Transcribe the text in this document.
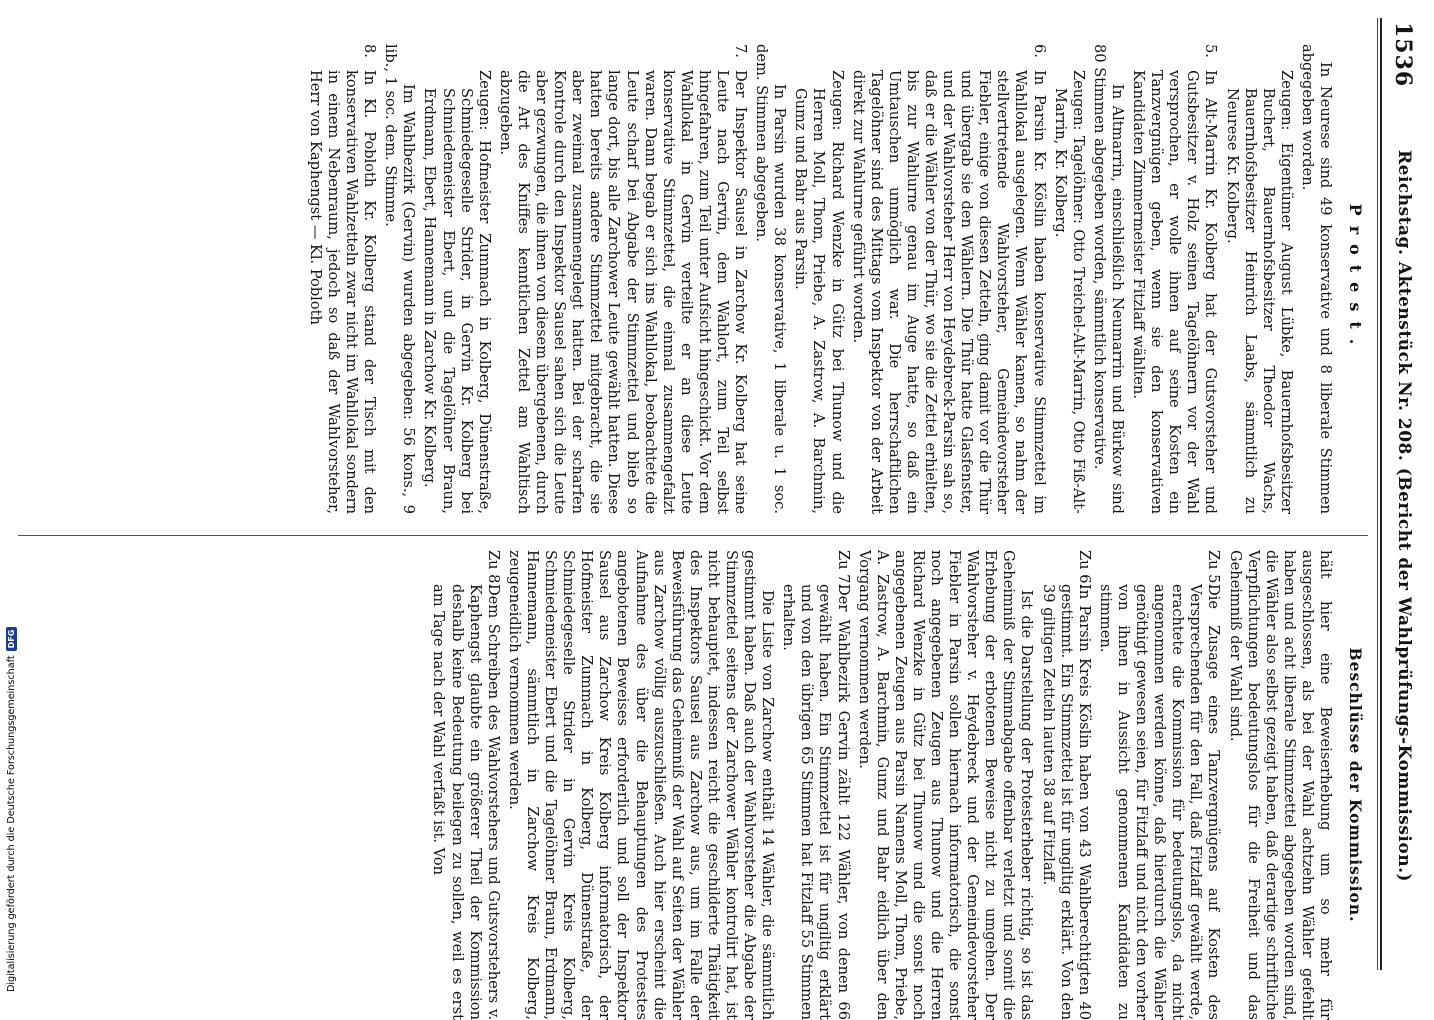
1536
Reichstag. Aktenstück Nr. 208. (Bericht der Wahlprüfungs-Kommission.)
Protest.

In Neurese sind 49 konservative und 8 liberale Stimmen abgegeben worden.

Zeugen: Eigentümer August Lübke, Bauernhofsbesitzer Buchert, Bauernhofsbesitzer Theodor Wachs, Bauernhofsbesitzer Heinrich Laabs, sämmtlich zu Neurese Kr. Kolberg.

5.
In Alt-Marrin Kr. Kolberg hat der Gutsvorsteher und Gutsbesitzer v. Holz seinen Tagelöhnern vor der Wahl versprochen, er wolle ihnen auf seine Kosten ein Tanzvergnügen geben, wenn sie den konservativen Kandidaten Zimmermeister Fitzlaff wählten.

In Altmarrin, einschließlich Neumarrin und Bürkow sind 80 Stimmen abgegeben worden, sämmtlich konservative.

Zeugen: Tagelöhner: Otto Treichel-Alt-Marrin, Otto Fiß-Alt-Marrin, Kr. Kolberg.

6.
In Parsin Kr. Köslin haben konservative Stimmzettel im Wahllokal ausgelegen. Wenn Wähler kamen, so nahm der stellvertretende Wahlvorsteher, Gemeindevorsteher Fiebler, einige von diesen Zetteln, ging damit vor die Thür und übergab sie den Wählern. Die Thür hatte Glasfenster, und der Wahlvorsteher Herr von Heydebreck-Parsin sah so, daß er die Wähler von der Thür, wo sie die Zettel erhielten, bis zur Wahlurne genau im Auge hatte, so daß ein Umtauschen unmöglich war. Die herrschaftlichen Tagelöhner sind des Mittags vom Inspektor von der Arbeit direkt zur Wahlurne geführt worden.

Zeugen: Richard Wenzke in Gütz bei Thunow und die Herren Moll, Thom, Priebe, A. Zastrow, A. Barchmin, Gumz und Bahr aus Parsin.

In Parsin wurden 38 konservative, 1 liberale u. 1 soc. dem. Stimmen abgegeben.

7.
Der Inspektor Sausel in Zarchow Kr. Kolberg hat seine Leute nach Gervin, dem Wahlort, zum Teil selbst hingefahren, zum Teil unter Aufsicht hingeschickt. Vor dem Wahllokal in Gervin verteilte er an diese Leute konservative Stimmzettel, die einmal zusammengefalzt waren. Dann begab er sich ins Wahllokal, beobachtete die Leute scharf bei Abgabe der Stimmzettel und blieb so lange dort, bis alle Zarchower Leute gewählt hatten. Diese hatten bereits andere Stimmzettel mitgebracht, die sie aber zweimal zusammengelegt hatten. Bei der scharfen Kontrole durch den Inspektor Sausel sahen sich die Leute aber gezwungen, die ihnen von diesem übergebenen, durch die Art des Kniffes kenntlichen Zettel am Wahltisch abzugeben.

Zeugen: Hofmeister Zummach in Kolberg, Dünenstraße, Schmiedegeselle Strider, in Gervin Kr. Kolberg bei Schmiedemeister Ebert, und die Tagelöhner Braun, Erdmann, Ebert, Hannemann in Zarchow Kr. Kolberg.

Im Wahlbezirk (Gervin) wurden abgegeben: 56 kons., 9 lib., 1 soc. dem. Stimme.

8.
In Kl. Pobloth Kr. Kolberg stand der Tisch mit den konservativen Wahlzetteln zwar nicht im Wahllokal sondern in einem Nebenraum, jedoch so daß der Wahlvorsteher, Herr von Kaphengst — Kl. Pobloth

Beschlüsse der Kommission.

hält hier eine Beweiserhebung um so mehr für ausgeschlossen, als bei der Wahl achtzehn Wähler gefehlt haben und acht liberale Stimmzettel abgegeben worden sind, die Wähler also selbst gezeigt haben, daß derartige schriftliche Verpflichtungen bedeutungslos für die Freiheit und das Geheimniß der Wahl sind.

Zu 5.
Die Zusage eines Tanzvergnügens auf Kosten des Versprechenden für den Fall, daß Fitzlaff gewählt werde, erachtete die Kommission für bedeutungslos, da nicht angenommen werden könne, daß hierdurch die Wähler genöthigt gewesen seien, für Fitzlaff und nicht den vorher von ihnen in Aussicht genommenen Kandidaten zu stimmen.

Zu 6.
In Parsin Kreis Köslin haben von 43 Wahlberechtigten 40 gestimmt. Ein Stimmzettel ist für ungiltig erklärt. Von den 39 giltigen Zetteln lauten 38 auf Fitzlaff.

Ist die Darstellung der Protesterheber richtig, so ist das Geheimniß der Stimmabgabe offenbar verletzt und somit die Erhebung der erbotenen Beweise nicht zu umgehen. Der Wahlvorsteher v. Heydebreck und der Gemeindevorsteher Fiebler in Parsin sollen hiernach informatorisch, die sonst noch angegebenen Zeugen aus Thunow und die Herren Richard Wenzke in Gütz bei Thunow und die sonst noch angegebenen Zeugen aus Parsin Namens Moll, Thom, Priebe, A. Zastrow, A. Barchmin, Gumz und Bahr eidlich über den Vorgang vernommen werden.

Zu 7.
Der Wahlbezirk Gervin zählt 122 Wähler, von denen 66 gewählt haben. Ein Stimmzettel ist für ungiltig erklärt und von den übrigen 65 Stimmen hat Fitzlaff 55 Stimmen erhalten.

Die Liste von Zarchow enthält 14 Wähler, die sämmtlich gestimmt haben. Daß auch der Wahlvorsteher die Abgabe der Stimmzettel seitens der Zarchower Wähler kontrolirt hat, ist nicht behauptet, indessen reicht die geschilderte Thätigkeit des Inspektors Sausel aus Zarchow aus, um im Falle der Beweisführung das Geheimniß der Wahl auf Seiten der Wähler aus Zarchow völlig auszuschließen. Auch hier erscheint die Aufnahme des über die Behauptungen des Protestes angebotenen Beweises erforderlich und soll der Inspektor Sausel aus Zarchow Kreis Kolberg informatorisch, der Hofmeister Zummach in Kolberg, Dünenstraße, der Schmiedegeselle Strider in Gervin Kreis Kolberg, Schmiedemeister Ebert und die Tagelöhner Braun, Erdmann, Hannemann, sämmtlich in Zarchow Kreis Kolberg, zeugeneidlich vernommen werden.

Zu 8.
Dem Schreiben des Wahlvorstehers und Gutsvorstehers v. Kaphengst glaubte ein größerer Theil der Kommission deshalb keine Bedeutung beilegen zu sollen, weil es erst am Tage nach der Wahl verfaßt ist. Von

Digitalisierung gefördert durch die Deutsche Forschungsgemeinschaft
DFG
